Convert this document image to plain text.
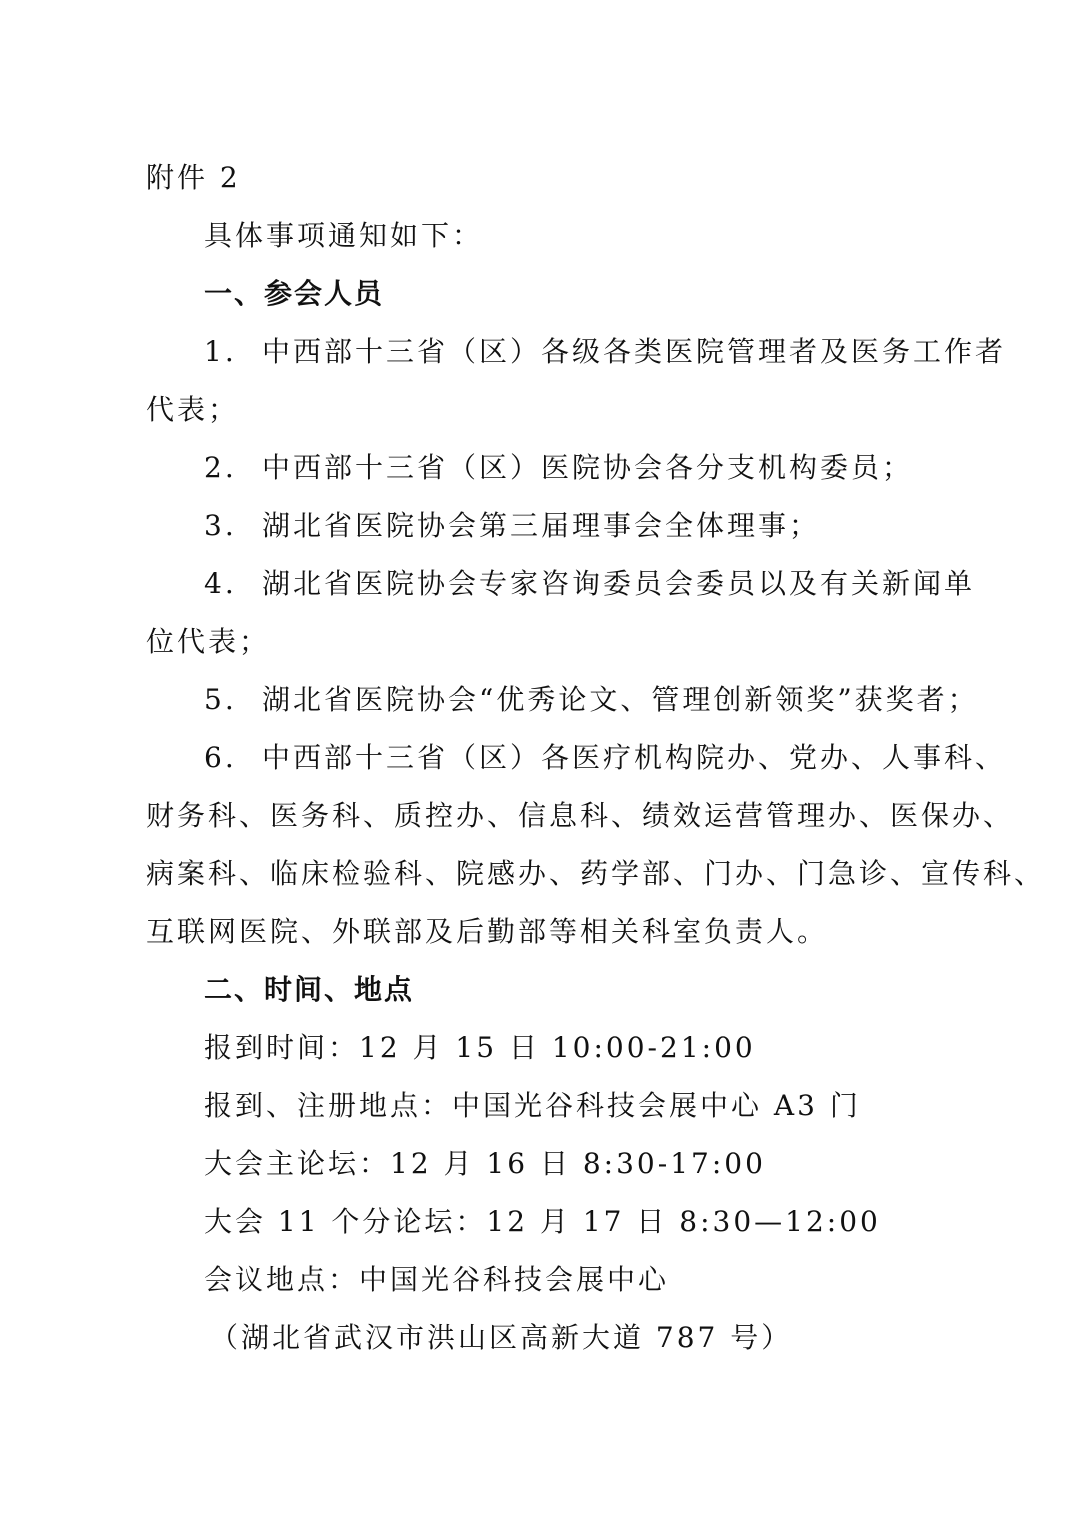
附件 2
具体事项通知如下：
一、参会人员
1. 中西部十三省（区）各级各类医院管理者及医务工作者
代表；
2. 中西部十三省（区）医院协会各分支机构委员；
3. 湖北省医院协会第三届理事会全体理事；
4. 湖北省医院协会专家咨询委员会委员以及有关新闻单
位代表；
5. 湖北省医院协会“优秀论文、管理创新领奖”获奖者；
6. 中西部十三省（区）各医疗机构院办、党办、人事科、
财务科、医务科、质控办、信息科、绩效运营管理办、医保办、
病案科、临床检验科、院感办、药学部、门办、门急诊、宣传科、
互联网医院、外联部及后勤部等相关科室负责人。
二、时间、地点
报到时间：12 月 15 日 10:00-21:00
报到、注册地点：中国光谷科技会展中心 A3 门
大会主论坛：12 月 16 日 8:30-17:00
大会 11 个分论坛：12 月 17 日 8:30—12:00
会议地点：中国光谷科技会展中心
（湖北省武汉市洪山区高新大道 787 号）
